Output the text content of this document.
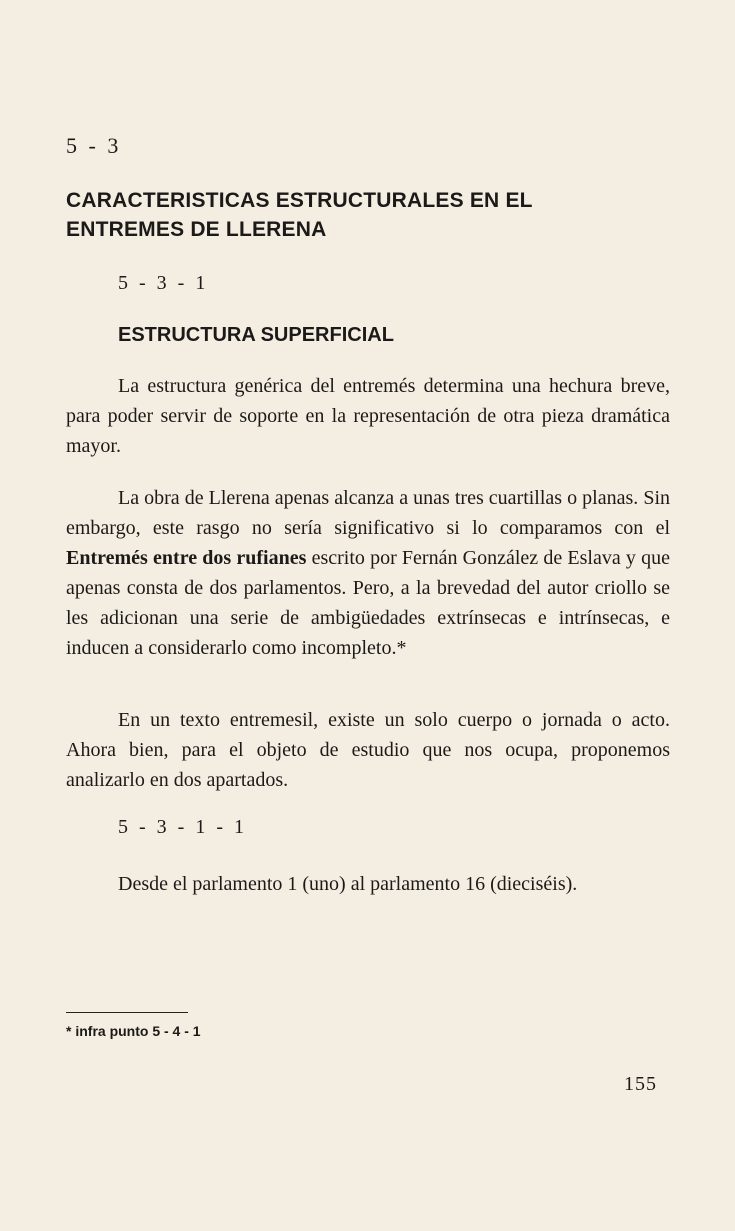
5 - 3
CARACTERISTICAS ESTRUCTURALES EN EL
ENTREMES DE LLERENA
5 - 3 - 1
ESTRUCTURA SUPERFICIAL

La estructura genérica del entremés determina una hechura breve, para poder servir de soporte en la representación de otra pieza dramática mayor.

La obra de Llerena apenas alcanza a unas tres cuartillas o planas. Sin embargo, este rasgo no sería significativo si lo comparamos con el Entremés entre dos rufianes escrito por Fernán González de Eslava y que apenas consta de dos parlamentos. Pero, a la brevedad del autor criollo se les adicionan una serie de ambigüedades extrínsecas e intrínsecas, e inducen a considerarlo como incompleto.*

En un texto entremesil, existe un solo cuerpo o jornada o acto. Ahora bien, para el objeto de estudio que nos ocupa, proponemos analizarlo en dos apartados.

5 - 3 - 1 - 1

Desde el parlamento 1 (uno) al parlamento 16 (dieciséis).

* infra punto 5 - 4 - 1
155
